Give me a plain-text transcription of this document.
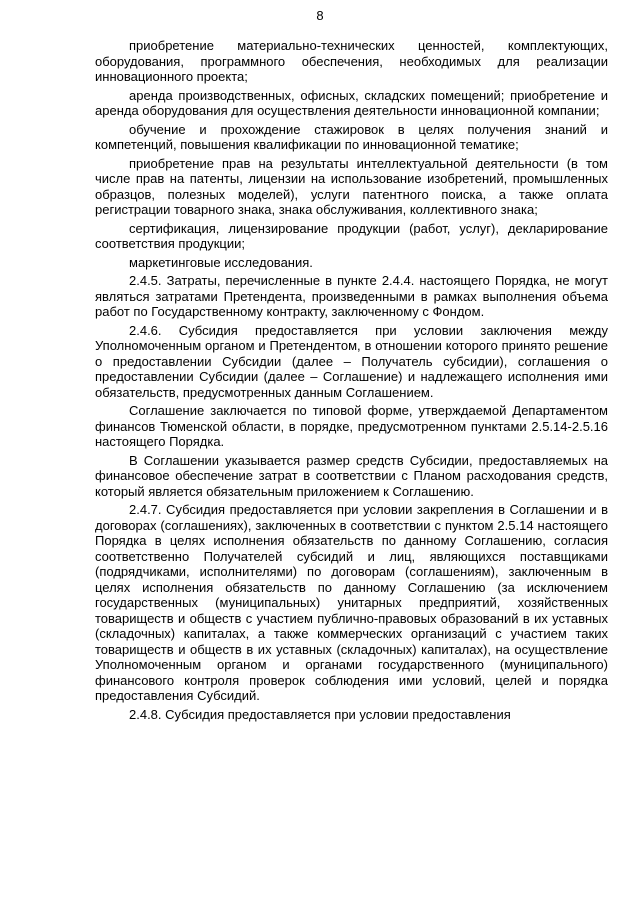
8

приобретение материально-технических ценностей, комплектующих, оборудования, программного обеспечения, необходимых для реализации инновационного проекта;

аренда производственных, офисных, складских помещений; приобретение и аренда оборудования для осуществления деятельности инновационной компании;

обучение и прохождение стажировок в целях получения знаний и компетенций, повышения квалификации по инновационной тематике;

приобретение прав на результаты интеллектуальной деятельности (в том числе прав на патенты, лицензии на использование изобретений, промышленных образцов, полезных моделей), услуги патентного поиска, а также оплата регистрации товарного знака, знака обслуживания, коллективного знака;

сертификация, лицензирование продукции (работ, услуг), декларирование соответствия продукции;

маркетинговые исследования.

2.4.5. Затраты, перечисленные в пункте 2.4.4. настоящего Порядка, не могут являться затратами Претендента, произведенными в рамках выполнения объема работ по Государственному контракту, заключенному с Фондом.

2.4.6. Субсидия предоставляется при условии заключения между Уполномоченным органом и Претендентом, в отношении которого принято решение о предоставлении Субсидии (далее – Получатель субсидии), соглашения о предоставлении Субсидии (далее – Соглашение) и надлежащего исполнения ими обязательств, предусмотренных данным Соглашением.

Соглашение заключается по типовой форме, утверждаемой Департаментом финансов Тюменской области, в порядке, предусмотренном пунктами 2.5.14-2.5.16 настоящего Порядка.

В Соглашении указывается размер средств Субсидии, предоставляемых на финансовое обеспечение затрат в соответствии с Планом расходования средств, который является обязательным приложением к Соглашению.

2.4.7. Субсидия предоставляется при условии закрепления в Соглашении и в договорах (соглашениях), заключенных в соответствии с пунктом 2.5.14 настоящего Порядка в целях исполнения обязательств по данному Соглашению, согласия соответственно Получателей субсидий и лиц, являющихся поставщиками (подрядчиками, исполнителями) по договорам (соглашениям), заключенным в целях исполнения обязательств по данному Соглашению (за исключением государственных (муниципальных) унитарных предприятий, хозяйственных товариществ и обществ с участием публично-правовых образований в их уставных (складочных) капиталах, а также коммерческих организаций с участием таких товариществ и обществ в их уставных (складочных) капиталах), на осуществление Уполномоченным органом и органами государственного (муниципального) финансового контроля проверок соблюдения ими условий, целей и порядка предоставления Субсидий.

2.4.8. Субсидия предоставляется при условии предоставления
